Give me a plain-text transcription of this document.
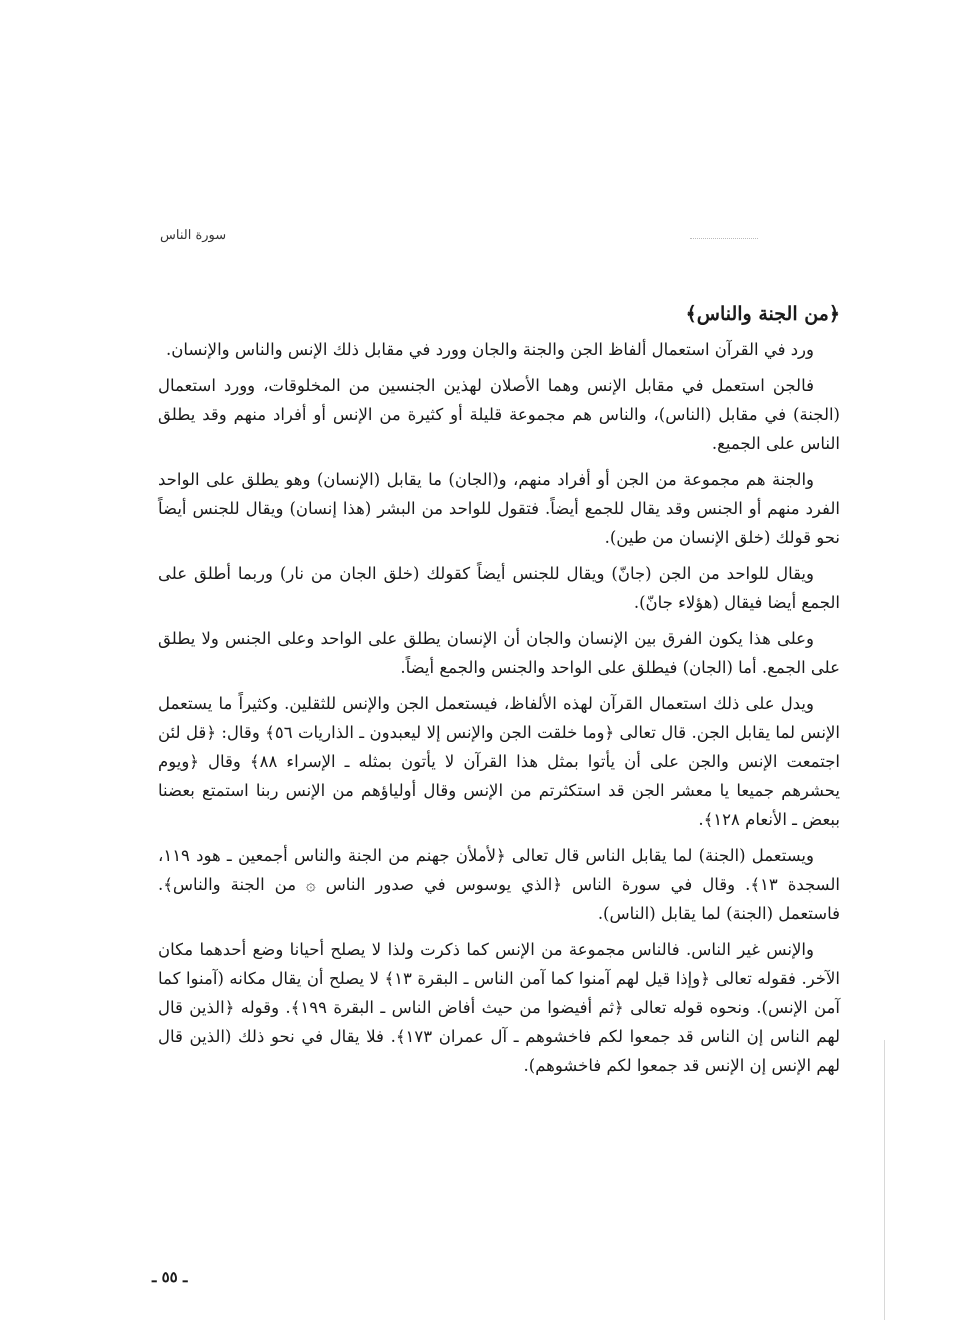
سورة الناس
﴿من الجنة والناس﴾

ورد في القرآن استعمال ألفاظ الجن والجنة والجان وورد في مقابل ذلك الإنس والناس والإنسان.

فالجن استعمل في مقابل الإنس وهما الأصلان لهذين الجنسين من المخلوقات، وورد استعمال (الجنة) في مقابل (الناس)، والناس هم مجموعة قليلة أو كثيرة من الإنس أو أفراد منهم وقد يطلق الناس على الجميع.

والجنة هم مجموعة من الجن أو أفراد منهم، و(الجان) ما يقابل (الإنسان) وهو يطلق على الواحد الفرد منهم أو الجنس وقد يقال للجمع أيضاً. فتقول للواحد من البشر (هذا إنسان) ويقال للجنس أيضاً نحو قولك (خلق الإنسان من طين).

ويقال للواحد من الجن (جانّ) ويقال للجنس أيضاً كقولك (خلق الجان من نار) وربما أطلق على الجمع أيضا فيقال (هؤلاء جانّ).

وعلى هذا يكون الفرق بين الإنسان والجان أن الإنسان يطلق على الواحد وعلى الجنس ولا يطلق على الجمع. أما (الجان) فيطلق على الواحد والجنس والجمع أيضاً.

ويدل على ذلك استعمال القرآن لهذه الألفاظ، فيستعمل الجن والإنس للثقلين. وكثيراً ما يستعمل الإنس لما يقابل الجن. قال تعالى ﴿وما خلقت الجن والإنس إلا ليعبدون ـ الذاريات ٥٦﴾ وقال: ﴿قل لئن اجتمعت الإنس والجن على أن يأتوا بمثل هذا القرآن لا يأتون بمثله ـ الإسراء ٨٨﴾ وقال ﴿ويوم يحشرهم جميعا يا معشر الجن قد استكثرتم من الإنس وقال أولياؤهم من الإنس ربنا استمتع بعضنا ببعض ـ الأنعام ١٢٨﴾.

ويستعمل (الجنة) لما يقابل الناس قال تعالى ﴿لأملأن جهنم من الجنة والناس أجمعين ـ هود ١١٩، السجدة ١٣﴾. وقال في سورة الناس ﴿الذي يوسوس في صدور الناس ۞ من الجنة والناس﴾. فاستعمل (الجنة) لما يقابل (الناس).

والإنس غير الناس. فالناس مجموعة من الإنس كما ذكرت ولذا لا يصلح أحيانا وضع أحدهما مكان الآخر. فقوله تعالى ﴿وإذا قيل لهم آمنوا كما آمن الناس ـ البقرة ١٣﴾ لا يصلح أن يقال مكانه (آمنوا كما آمن الإنس). ونحوه قوله تعالى ﴿ثم أفيضوا من حيث أفاض الناس ـ البقرة ١٩٩﴾. وقوله ﴿الذين قال لهم الناس إن الناس قد جمعوا لكم فاخشوهم ـ آل عمران ١٧٣﴾. فلا يقال في نحو ذلك (الذين قال لهم الإنس إن الإنس قد جمعوا لكم فاخشوهم).

ـ ٥٥ ـ
